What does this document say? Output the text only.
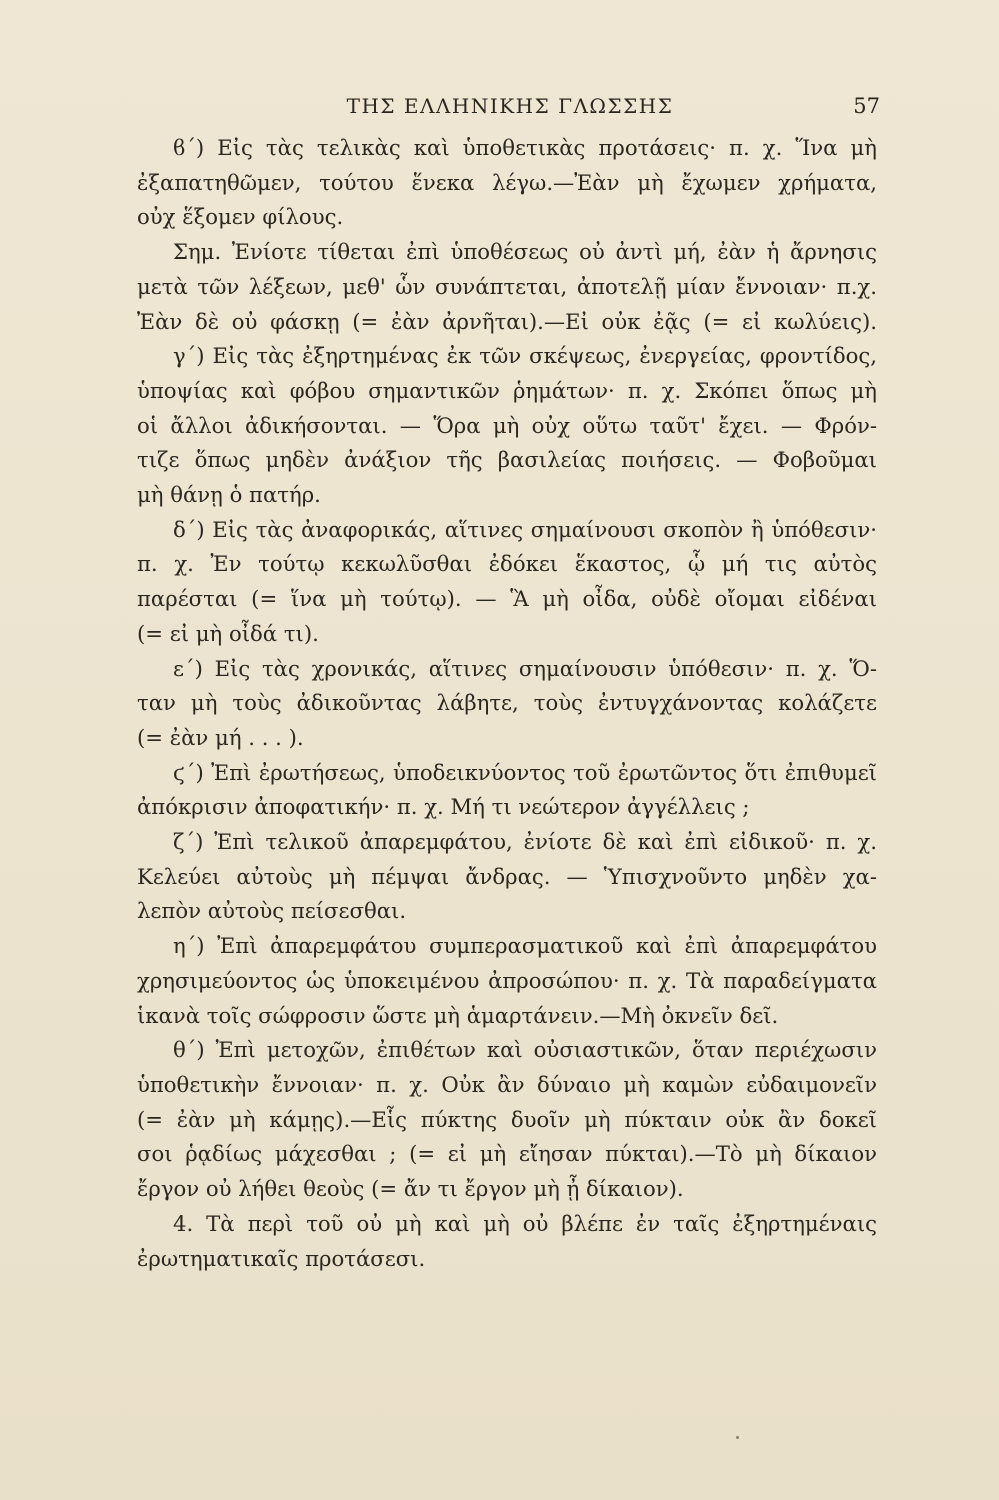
ΤΗΣ ΕΛΛΗΝΙΚΗΣ ΓΛΩΣΣΗΣ	57

ϐ΄) Εἰς τὰς τελικὰς καὶ ὑποθετικὰς προτάσεις· π. χ. Ἵνα μὴ
ἐξαπατηθῶμεν, τούτου ἕνεκα λέγω.—Ἐὰν μὴ ἔχωμεν χρήματα,
οὐχ ἕξομεν φίλους.

Σημ. Ἐνίοτε τίθεται ἐπὶ ὑποθέσεως οὐ ἀντὶ μή, ἐὰν ἡ ἄρνησις
μετὰ τῶν λέξεων, μεθ' ὧν συνάπτεται, ἀποτελῇ μίαν ἔννοιαν· π.χ.
Ἐὰν δὲ οὐ φάσκῃ (= ἐὰν ἀρνῆται).—Εἰ οὐκ ἐᾷς (= εἰ κωλύεις).

γ΄) Εἰς τὰς ἐξηρτημένας ἐκ τῶν σκέψεως, ἐνεργείας, φροντίδος,
ὑποψίας καὶ φόβου σημαντικῶν ῥημάτων· π. χ. Σκόπει ὅπως μὴ
οἱ ἄλλοι ἀδικήσονται. — Ὅρα μὴ οὐχ οὕτω ταῦτ' ἔχει. — Φρόν-
τιζε ὅπως μηδὲν ἀνάξιον τῆς βασιλείας ποιήσεις. — Φοβοῦμαι
μὴ θάνῃ ὁ πατήρ.

δ΄) Εἰς τὰς ἀναφορικάς, αἵτινες σημαίνουσι σκοπὸν ἢ ὑπόθεσιν·
π. χ. Ἐν τούτῳ κεκωλῦσθαι ἐδόκει ἕκαστος, ᾧ μή τις αὐτὸς
παρέσται (= ἵνα μὴ τούτῳ). — Ἃ μὴ οἶδα, οὐδὲ οἴομαι εἰδέναι
(= εἰ μὴ οἶδά τι).

ε΄) Εἰς τὰς χρονικάς, αἵτινες σημαίνουσιν ὑπόθεσιν· π. χ. Ὅ-
ταν μὴ τοὺς ἀδικοῦντας λάβητε, τοὺς ἐντυγχάνοντας κολάζετε
(= ἐὰν μή . . . ).

ϛ΄) Ἐπὶ ἐρωτήσεως, ὑποδεικνύοντος τοῦ ἐρωτῶντος ὅτι ἐπιθυμεῖ
ἀπόκρισιν ἀποφατικήν· π. χ. Μή τι νεώτερον ἀγγέλλεις ;

ζ΄) Ἐπὶ τελικοῦ ἀπαρεμφάτου, ἐνίοτε δὲ καὶ ἐπὶ εἰδικοῦ· π. χ.
Κελεύει αὐτοὺς μὴ πέμψαι ἄνδρας. — Ὑπισχνοῦντο μηδὲν χα-
λεπὸν αὐτοὺς πείσεσθαι.

η΄) Ἐπὶ ἀπαρεμφάτου συμπερασματικοῦ καὶ ἐπὶ ἀπαρεμφάτου
χρησιμεύοντος ὡς ὑποκειμένου ἀπροσώπου· π. χ. Τὰ παραδείγματα
ἱκανὰ τοῖς σώφροσιν ὥστε μὴ ἁμαρτάνειν.—Μὴ ὀκνεῖν δεῖ.

θ΄) Ἐπὶ μετοχῶν, ἐπιθέτων καὶ οὐσιαστικῶν, ὅταν περιέχωσιν
ὑποθετικὴν ἔννοιαν· π. χ. Οὐκ ἂν δύναιο μὴ καμὼν εὐδαιμονεῖν
(= ἐὰν μὴ κάμῃς).—Εἷς πύκτης δυοῖν μὴ πύκταιν οὐκ ἂν δοκεῖ
σοι ῥᾳδίως μάχεσθαι ; (= εἰ μὴ εἴησαν πύκται).—Τὸ μὴ δίκαιον
ἔργον οὐ λήθει θεοὺς (= ἄν τι ἔργον μὴ ᾖ δίκαιον).

4. Τὰ περὶ τοῦ οὐ μὴ καὶ μὴ οὐ βλέπε ἐν ταῖς ἐξηρτημέναις
ἐρωτηματικαῖς προτάσεσι.
